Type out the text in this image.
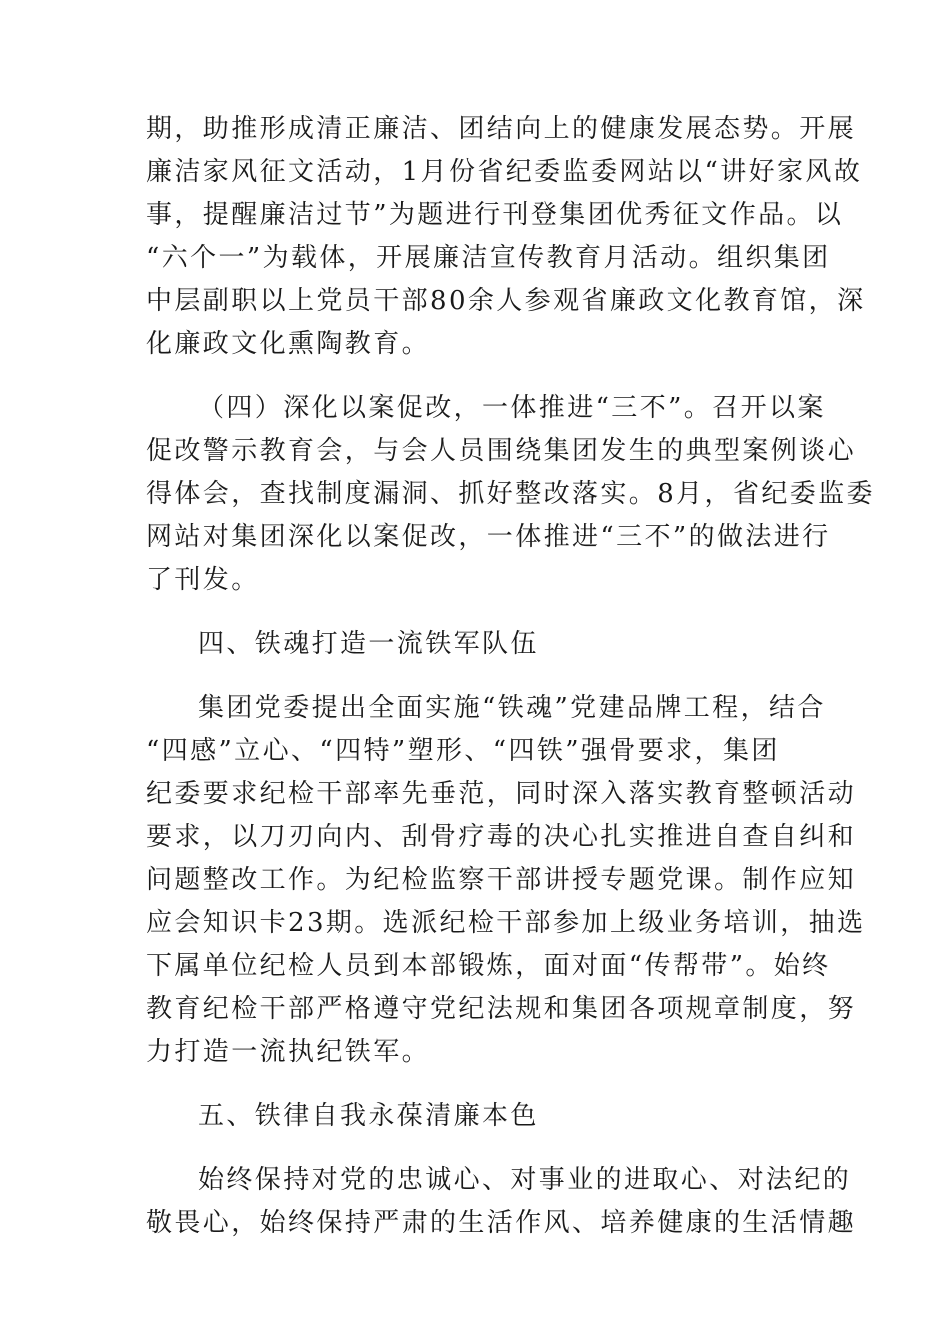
期，助推形成清正廉洁、团结向上的健康发展态势。开展
廉洁家风征文活动，1月份省纪委监委网站以“讲好家风故
事，提醒廉洁过节”为题进行刊登集团优秀征文作品。以
“六个一”为载体，开展廉洁宣传教育月活动。组织集团
中层副职以上党员干部80余人参观省廉政文化教育馆，深
化廉政文化熏陶教育。
（四）深化以案促改，一体推进“三不”。召开以案
促改警示教育会，与会人员围绕集团发生的典型案例谈心
得体会，查找制度漏洞、抓好整改落实。8月，省纪委监委
网站对集团深化以案促改，一体推进“三不”的做法进行
了刊发。
四、铁魂打造一流铁军队伍
集团党委提出全面实施“铁魂”党建品牌工程，结合
“四感”立心、“四特”塑形、“四铁”强骨要求，集团
纪委要求纪检干部率先垂范，同时深入落实教育整顿活动
要求，以刀刃向内、刮骨疗毒的决心扎实推进自查自纠和
问题整改工作。为纪检监察干部讲授专题党课。制作应知
应会知识卡23期。选派纪检干部参加上级业务培训，抽选
下属单位纪检人员到本部锻炼，面对面“传帮带”。始终
教育纪检干部严格遵守党纪法规和集团各项规章制度，努
力打造一流执纪铁军。
五、铁律自我永葆清廉本色
始终保持对党的忠诚心、对事业的进取心、对法纪的
敬畏心，始终保持严肃的生活作风、培养健康的生活情趣
